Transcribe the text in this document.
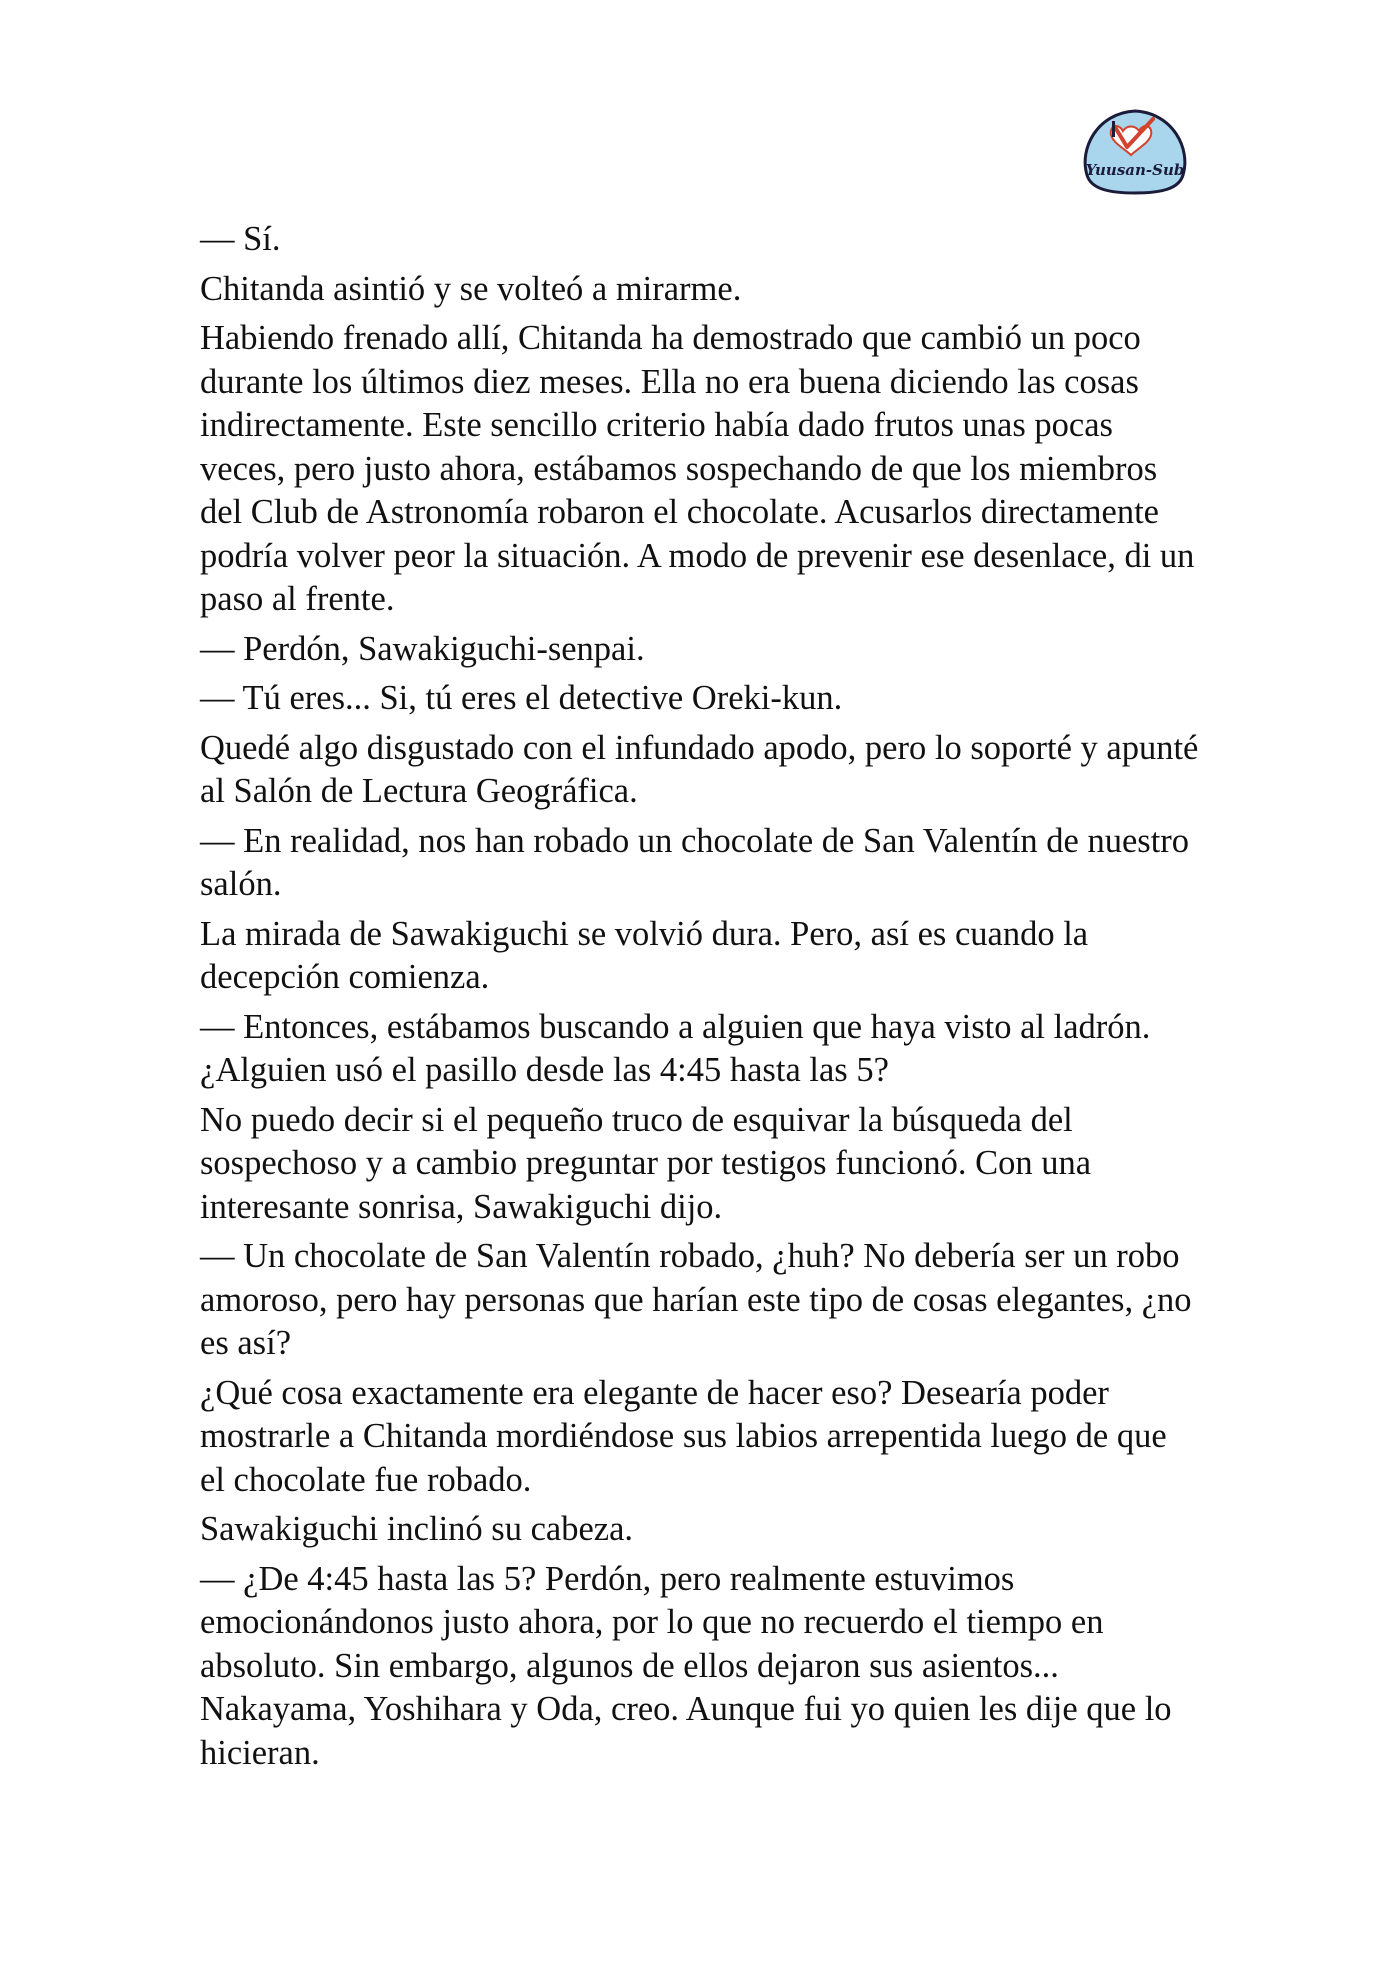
Yuusan-Sub

— Sí.

Chitanda asintió y se volteó a mirarme.

Habiendo frenado allí, Chitanda ha demostrado que cambió un poco durante los últimos diez meses. Ella no era buena diciendo las cosas indirectamente. Este sencillo criterio había dado frutos unas pocas veces, pero justo ahora, estábamos sospechando de que los miembros del Club de Astronomía robaron el chocolate. Acusarlos directamente podría volver peor la situación. A modo de prevenir ese desenlace, di un paso al frente.

— Perdón, Sawakiguchi-senpai.

— Tú eres... Si, tú eres el detective Oreki-kun.

Quedé algo disgustado con el infundado apodo, pero lo soporté y apunté al Salón de Lectura Geográfica.

— En realidad, nos han robado un chocolate de San Valentín de nuestro salón.

La mirada de Sawakiguchi se volvió dura. Pero, así es cuando la decepción comienza.

— Entonces, estábamos buscando a alguien que haya visto al ladrón. ¿Alguien usó el pasillo desde las 4:45 hasta las 5?

No puedo decir si el pequeño truco de esquivar la búsqueda del sospechoso y a cambio preguntar por testigos funcionó. Con una interesante sonrisa, Sawakiguchi dijo.

— Un chocolate de San Valentín robado, ¿huh? No debería ser un robo amoroso, pero hay personas que harían este tipo de cosas elegantes, ¿no es así?

¿Qué cosa exactamente era elegante de hacer eso? Desearía poder mostrarle a Chitanda mordiéndose sus labios arrepentida luego de que el chocolate fue robado.

Sawakiguchi inclinó su cabeza.

— ¿De 4:45 hasta las 5? Perdón, pero realmente estuvimos emocionándonos justo ahora, por lo que no recuerdo el tiempo en absoluto. Sin embargo, algunos de ellos dejaron sus asientos... Nakayama, Yoshihara y Oda, creo. Aunque fui yo quien les dije que lo hicieran.
